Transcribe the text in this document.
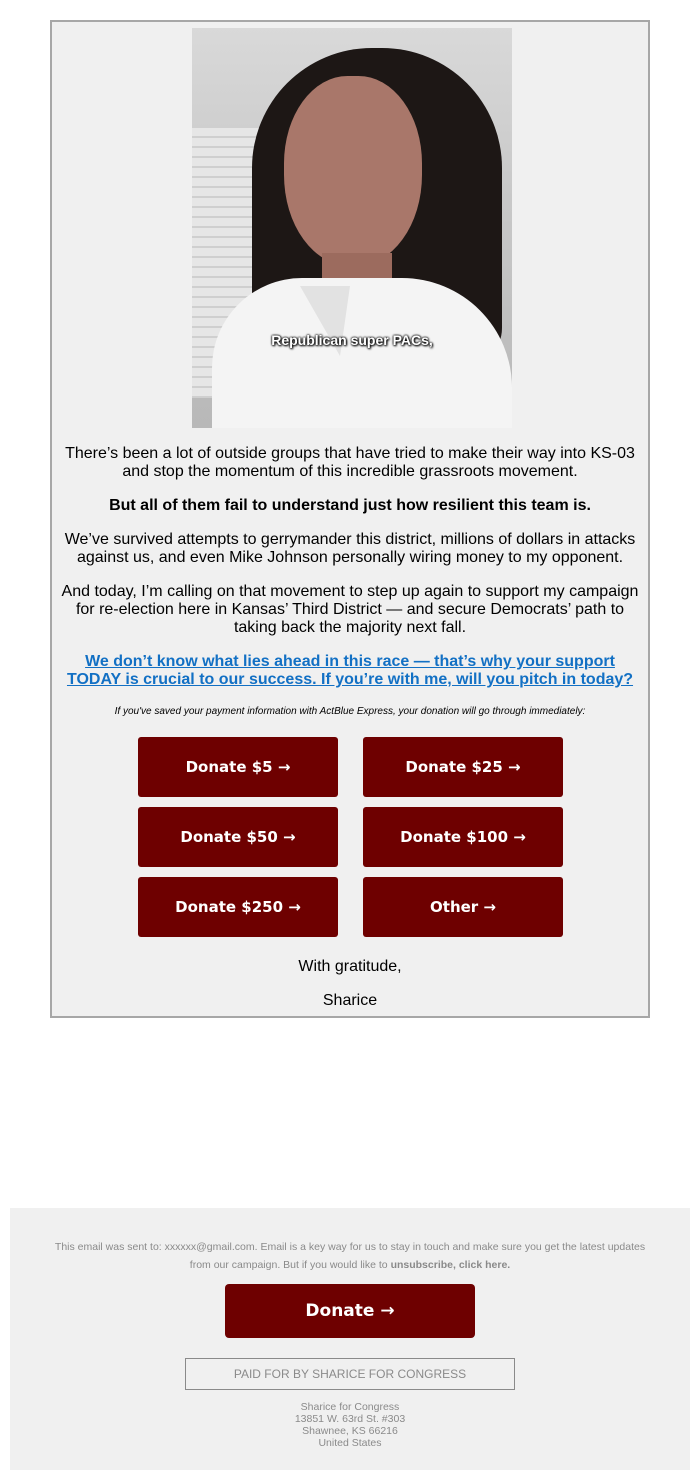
Republican super PACs,
There’s been a lot of outside groups that have tried to make their way into KS-03 and stop the momentum of this incredible grassroots movement.
But all of them fail to understand just how resilient this team is.
We’ve survived attempts to gerrymander this district, millions of dollars in attacks against us, and even Mike Johnson personally wiring money to my opponent.
And today, I’m calling on that movement to step up again to support my campaign for re-election here in Kansas’ Third District — and secure Democrats’ path to taking back the majority next fall.
We don’t know what lies ahead in this race — that’s why your support TODAY is crucial to our success. If you’re with me, will you pitch in today?
If you've saved your payment information with ActBlue Express, your donation will go through immediately:
Donate $5 →	Donate $25 →
Donate $50 →	Donate $100 →
Donate $250 →	Other →
With gratitude,
Sharice
This email was sent to: xxxxxx@gmail.com. Email is a key way for us to stay in touch and make sure you get the latest updates from our campaign. But if you would like to unsubscribe, click here.
Donate →
PAID FOR BY SHARICE FOR CONGRESS
Sharice for Congress
13851 W. 63rd St. #303
Shawnee, KS 66216
United States
